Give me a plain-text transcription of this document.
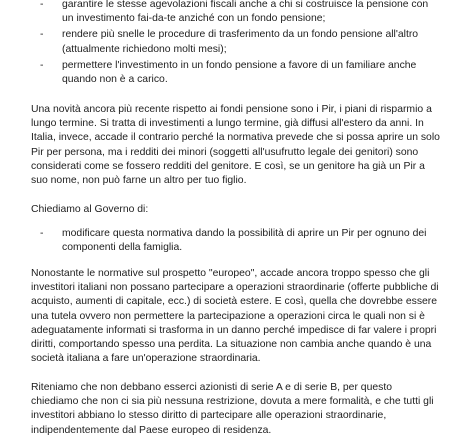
• - garantire le stesse agevolazioni fiscali anche a chi si costruisce la pensione con un investimento fai-da-te anziché con un fondo pensione;
• - rendere più snelle le procedure di trasferimento da un fondo pensione all'altro (attualmente richiedono molti mesi);
• - permettere l'investimento in un fondo pensione a favore di un familiare anche quando non è a carico.

Una novità ancora più recente rispetto ai fondi pensione sono i Pir, i piani di risparmio a lungo termine. Si tratta di investimenti a lungo termine, già diffusi all'estero da anni. In Italia, invece, accade il contrario perché la normativa prevede che si possa aprire un solo Pir per persona, ma i redditi dei minori (soggetti all'usufrutto legale dei genitori) sono considerati come se fossero redditi del genitore. E così, se un genitore ha già un Pir a suo nome, non può farne un altro per tuo figlio.

Chiediamo al Governo di:

• - modificare questa normativa dando la possibilità di aprire un Pir per ognuno dei componenti della famiglia.

Nonostante le normative sul prospetto "europeo", accade ancora troppo spesso che gli investitori italiani non possano partecipare a operazioni straordinarie (offerte pubbliche di acquisto, aumenti di capitale, ecc.) di società estere. E così, quella che dovrebbe essere una tutela ovvero non permettere la partecipazione a operazioni circa le quali non si è adeguatamente informati si trasforma in un danno perché impedisce di far valere i propri diritti, comportando spesso una perdita. La situazione non cambia anche quando è una società italiana a fare un'operazione straordinaria.

Riteniamo che non debbano esserci azionisti di serie A e di serie B, per questo chiediamo che non ci sia più nessuna restrizione, dovuta a mere formalità, e che tutti gli investitori abbiano lo stesso diritto di partecipare alle operazioni straordinarie, indipendentemente dal Paese europeo di residenza.
